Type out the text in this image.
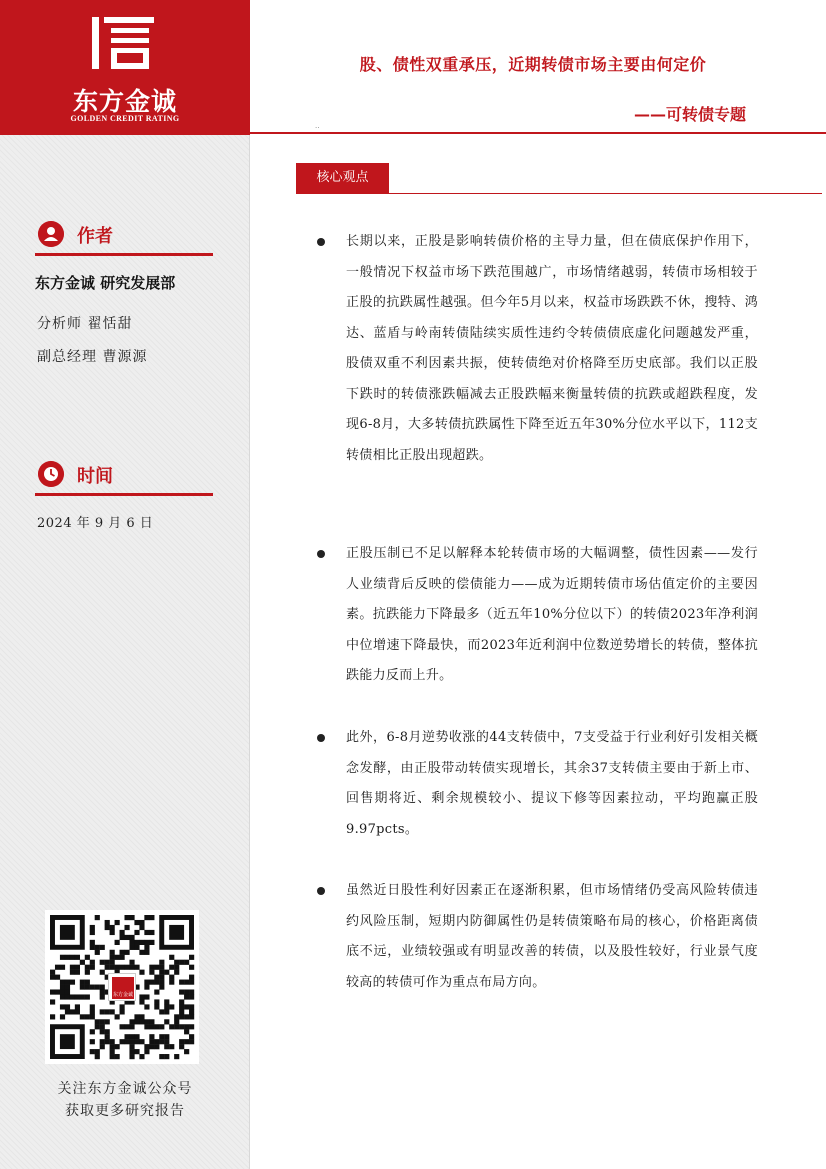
东方金诚
GOLDEN CREDIT RATING
作者
东方金诚 研究发展部
分析师 翟恬甜
副总经理 曹源源
时间
2024 年 9 月 6 日
东方金诚
关注东方金诚公众号
获取更多研究报告
股、债性双重承压，近期转债市场主要由何定价
——可转债专题
..
核心观点
长期以来，正股是影响转债价格的主导力量，但在债底保护作用下，一般情况下权益市场下跌范围越广，市场情绪越弱，转债市场相较于正股的抗跌属性越强。但今年5月以来，权益市场跌跌不休，搜特、鸿达、蓝盾与岭南转债陆续实质性违约令转债债底虚化问题越发严重，股债双重不利因素共振，使转债绝对价格降至历史底部。我们以正股下跌时的转债涨跌幅减去正股跌幅来衡量转债的抗跌或超跌程度，发现6-8月，大多转债抗跌属性下降至近五年30%分位水平以下，112支转债相比正股出现超跌。
正股压制已不足以解释本轮转债市场的大幅调整，债性因素——发行人业绩背后反映的偿债能力——成为近期转债市场估值定价的主要因素。抗跌能力下降最多（近五年10%分位以下）的转债2023年净利润中位增速下降最快，而2023年近利润中位数逆势增长的转债，整体抗跌能力反而上升。
此外，6-8月逆势收涨的44支转债中，7支受益于行业利好引发相关概念发酵，由正股带动转债实现增长，其余37支转债主要由于新上市、回售期将近、剩余规模较小、提议下修等因素拉动，平均跑赢正股9.97pcts。
虽然近日股性利好因素正在逐渐积累，但市场情绪仍受高风险转债违约风险压制，短期内防御属性仍是转债策略布局的核心，价格距离债底不远，业绩较强或有明显改善的转债，以及股性较好，行业景气度较高的转债可作为重点布局方向。
